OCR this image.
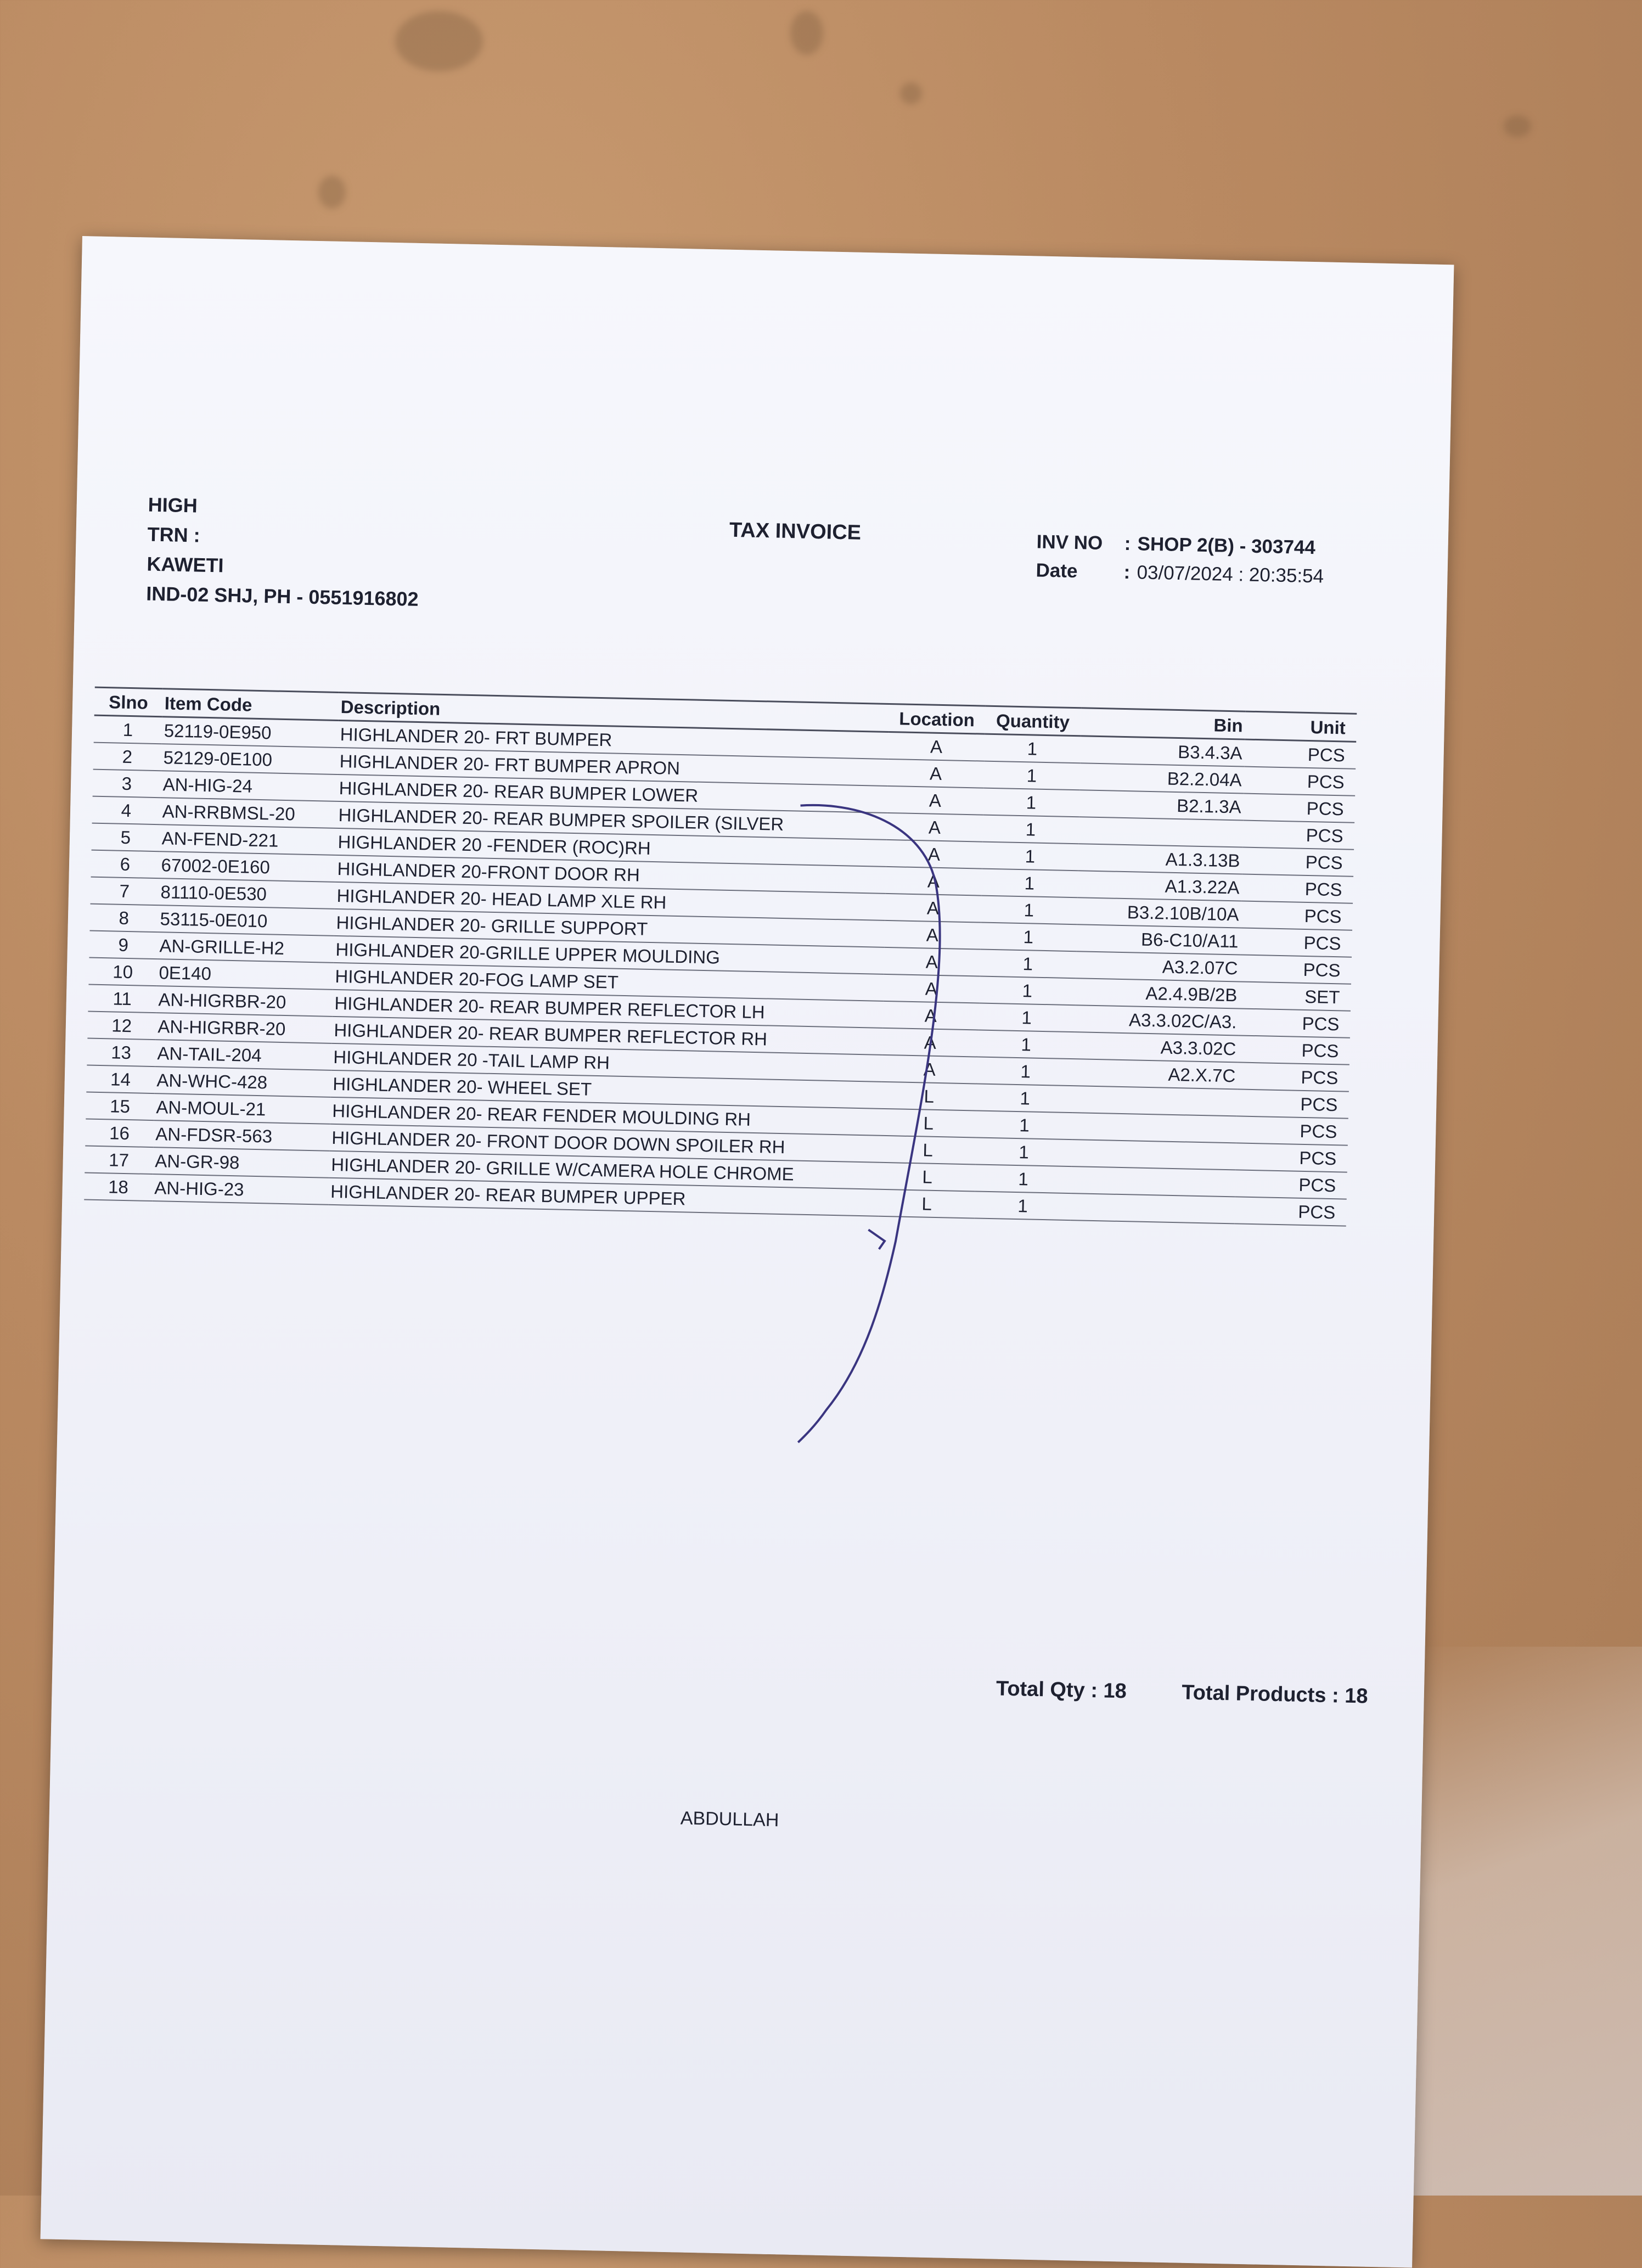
HIGH
TRN :
KAWETI
IND-02 SHJ, PH - 0551916802
TAX INVOICE	INV NO	: SHOP 2(B) - 303744
Date	: 03/07/2024 : 20:35:54
Slno	Item Code	Description	Location	Quantity	Bin	Unit
1	52119-0E950	HIGHLANDER 20- FRT BUMPER	A	1	B3.4.3A	PCS
2	52129-0E100	HIGHLANDER 20- FRT BUMPER APRON	A	1	B2.2.04A	PCS
3	AN-HIG-24	HIGHLANDER 20- REAR BUMPER LOWER	A	1	B2.1.3A	PCS
4	AN-RRBMSL-20	HIGHLANDER 20- REAR BUMPER SPOILER (SILVER	A	1		PCS
5	AN-FEND-221	HIGHLANDER 20 -FENDER (ROC)RH	A	1	A1.3.13B	PCS
6	67002-0E160	HIGHLANDER 20-FRONT DOOR RH	A	1	A1.3.22A	PCS
7	81110-0E530	HIGHLANDER 20- HEAD LAMP XLE RH	A	1	B3.2.10B/10A	PCS
8	53115-0E010	HIGHLANDER 20- GRILLE SUPPORT	A	1	B6-C10/A11	PCS
9	AN-GRILLE-H2	HIGHLANDER 20-GRILLE UPPER MOULDING	A	1	A3.2.07C	PCS
10	0E140	HIGHLANDER 20-FOG LAMP SET	A	1	A2.4.9B/2B	SET
11	AN-HIGRBR-20	HIGHLANDER 20- REAR BUMPER REFLECTOR LH	A	1	A3.3.02C/A3.	PCS
12	AN-HIGRBR-20	HIGHLANDER 20- REAR BUMPER REFLECTOR RH	A	1	A3.3.02C	PCS
13	AN-TAIL-204	HIGHLANDER 20 -TAIL LAMP RH	A	1	A2.X.7C	PCS
14	AN-WHC-428	HIGHLANDER 20- WHEEL SET	L	1		PCS
15	AN-MOUL-21	HIGHLANDER 20- REAR FENDER MOULDING RH	L	1		PCS
16	AN-FDSR-563	HIGHLANDER 20- FRONT DOOR DOWN SPOILER RH	L	1		PCS
17	AN-GR-98	HIGHLANDER 20- GRILLE W/CAMERA HOLE CHROME	L	1		PCS
18	AN-HIG-23	HIGHLANDER 20- REAR BUMPER UPPER	L	1		PCS
Total Qty : 18	Total Products : 18
ABDULLAH
